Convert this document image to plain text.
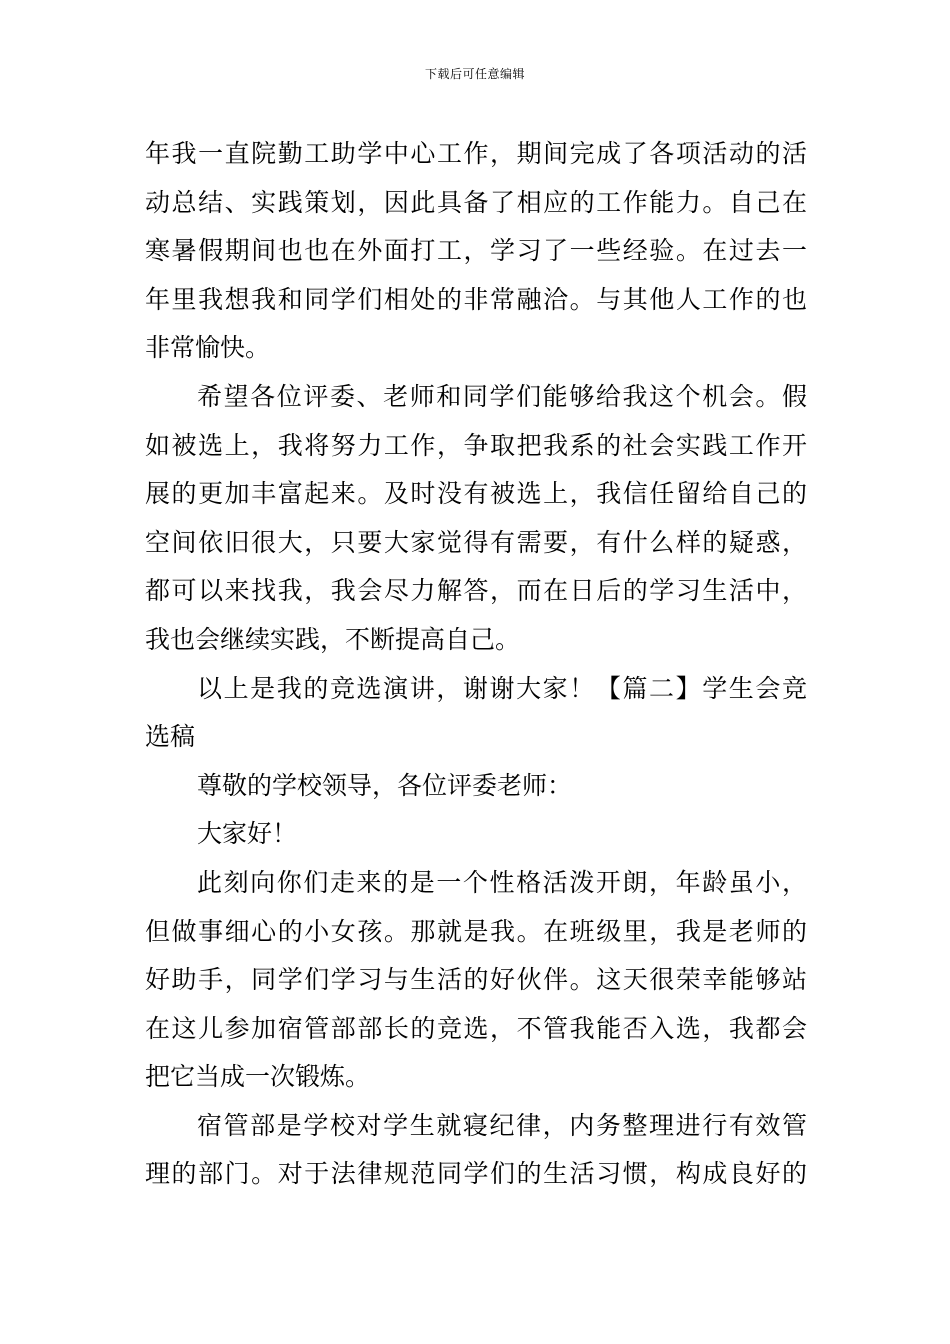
下载后可任意编辑
年我一直院勤工助学中心工作，期间完成了各项活动的活
动总结、实践策划，因此具备了相应的工作能力。自己在
寒暑假期间也也在外面打工，学习了一些经验。在过去一
年里我想我和同学们相处的非常融洽。与其他人工作的也
非常愉快。
希望各位评委、老师和同学们能够给我这个机会。假
如被选上，我将努力工作，争取把我系的社会实践工作开
展的更加丰富起来。及时没有被选上，我信任留给自己的
空间依旧很大，只要大家觉得有需要，有什么样的疑惑，
都可以来找我，我会尽力解答，而在日后的学习生活中，
我也会继续实践，不断提高自己。
以上是我的竞选演讲，谢谢大家！【篇二】学生会竞
选稿
尊敬的学校领导，各位评委老师：
大家好！
此刻向你们走来的是一个性格活泼开朗，年龄虽小，
但做事细心的小女孩。那就是我。在班级里，我是老师的
好助手，同学们学习与生活的好伙伴。这天很荣幸能够站
在这儿参加宿管部部长的竞选，不管我能否入选，我都会
把它当成一次锻炼。
宿管部是学校对学生就寝纪律，内务整理进行有效管
理的部门。对于法律规范同学们的生活习惯，构成良好的
